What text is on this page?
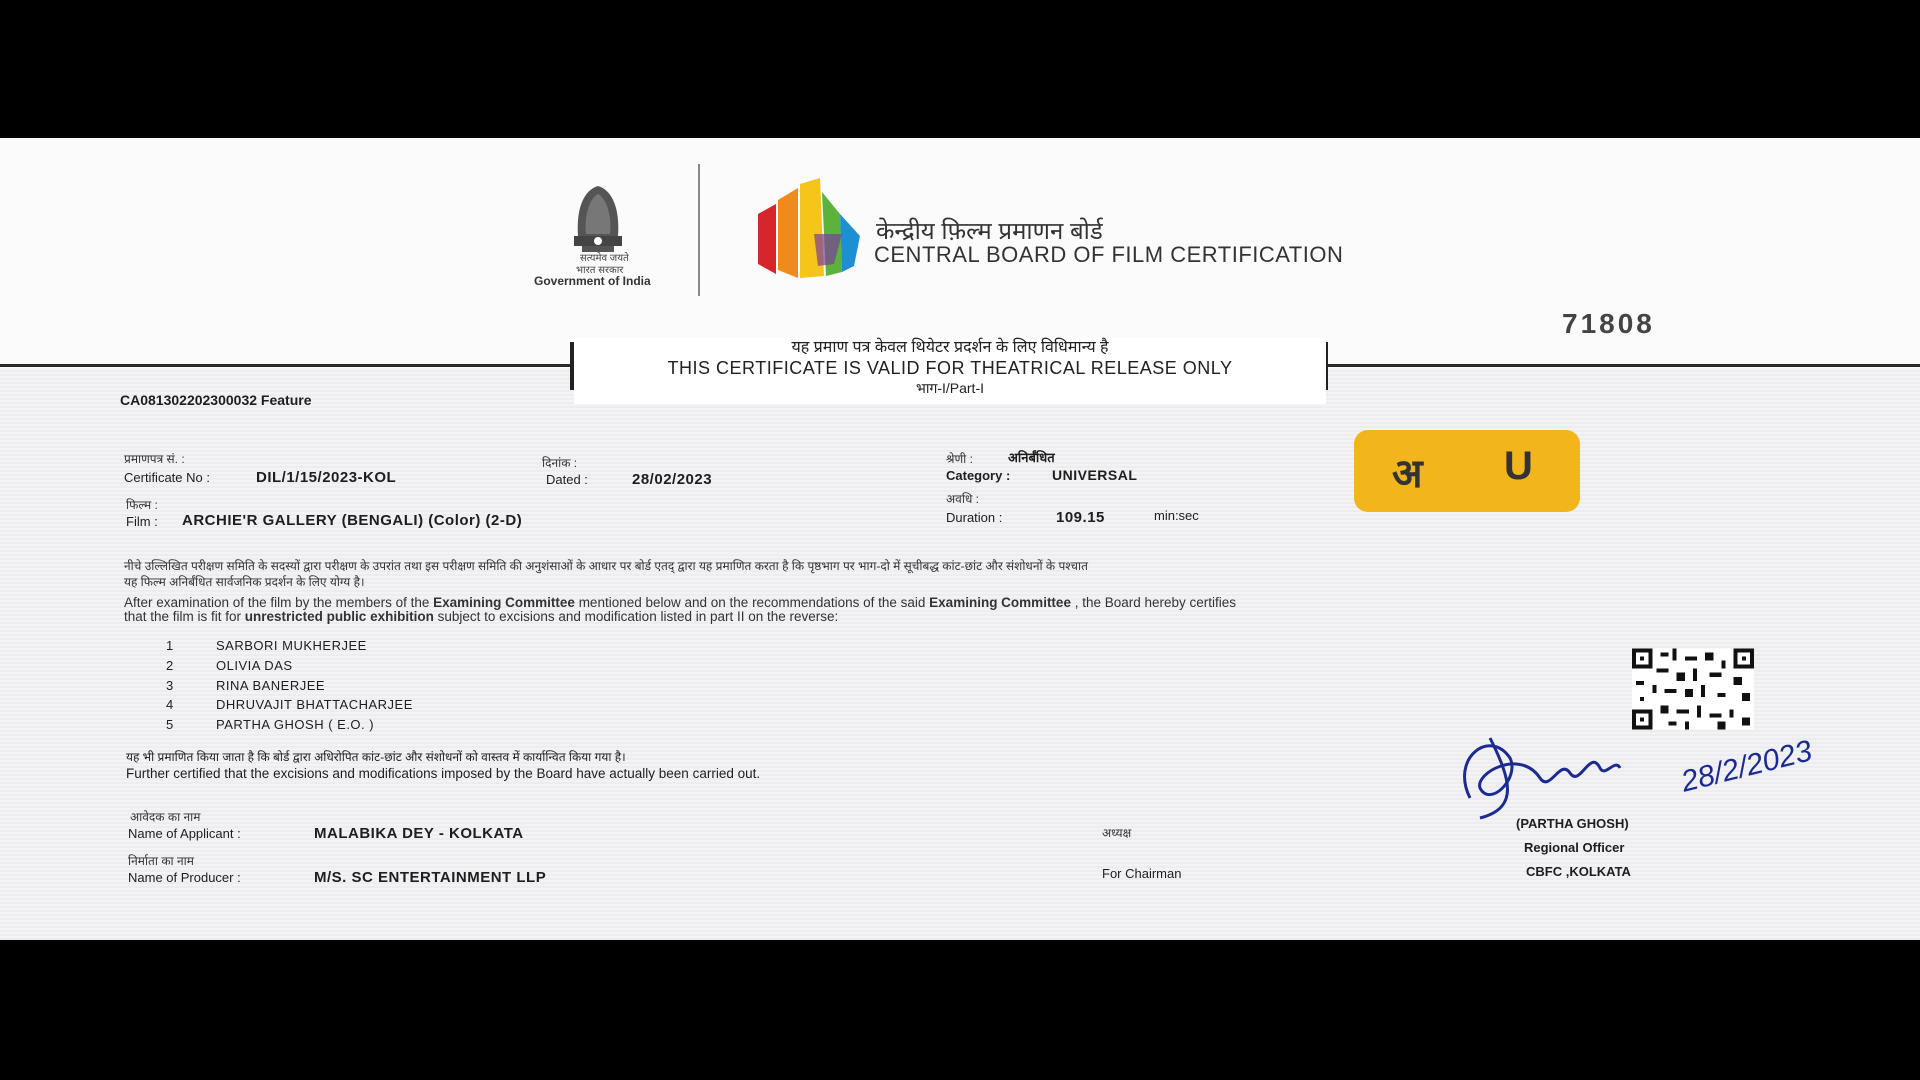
सत्यमेव जयते
भारत सरकार
Government of India
केन्द्रीय फ़िल्म प्रमाणन बोर्ड
CENTRAL BOARD OF FILM CERTIFICATION
71808
यह प्रमाण पत्र केवल थियेटर प्रदर्शन के लिए विधिमान्य है
THIS CERTIFICATE IS VALID FOR THEATRICAL RELEASE ONLY
भाग-I/Part-I
CA081302202300032 Feature
प्रमाणपत्र सं. :
Certificate No :	DIL/1/15/2023-KOL
दिनांक :
Dated :	28/02/2023
श्रेणी :	अनिर्बंधित
Category :	UNIVERSAL
फिल्म :
Film : ARCHIE'R GALLERY (BENGALI) (Color) (2-D)
अवधि :
Duration :	109.15	min:sec
अ U
नीचे उल्लिखित परीक्षण समिति के सदस्यों द्वारा परीक्षण के उपरांत तथा इस परीक्षण समिति की अनुशंसाओं के आधार पर बोर्ड एतद् द्वारा यह प्रमाणित करता है कि पृष्ठभाग पर भाग-दो में सूचीबद्ध कांट-छांट और संशोधनों के पश्चात
यह फिल्म अनिर्बंधित सार्वजनिक प्रदर्शन के लिए योग्य है।
After examination of the film by the members of the Examining Committee mentioned below and on the recommendations of the said Examining Committee , the Board hereby certifies
that the film is fit for unrestricted public exhibition subject to excisions and modification listed in part II on the reverse:
1	SARBORI MUKHERJEE
2	OLIVIA DAS
3	RINA BANERJEE
4	DHRUVAJIT BHATTACHARJEE
5	PARTHA GHOSH ( E.O. )
यह भी प्रमाणित किया जाता है कि बोर्ड द्वारा अधिरोपित कांट-छांट और संशोधनों को वास्तव में कार्यान्वित किया गया है।
Further certified that the excisions and modifications imposed by the Board have actually been carried out.	28/2/2023
आवेदक का नाम
Name of Applicant :	MALABIKA DEY - KOLKATA
निर्माता का नाम
Name of Producer :	M/S. SC ENTERTAINMENT LLP
अध्यक्ष
For Chairman
(PARTHA GHOSH)
Regional Officer
CBFC ,KOLKATA
